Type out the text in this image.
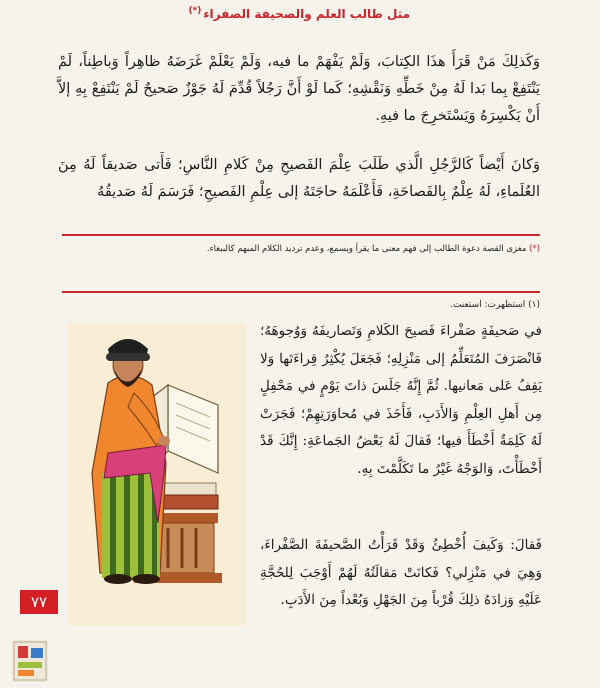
مثل طالب العلم والصحيفة الصفراء(*)
وَكَذلِكَ مَنْ قَرَأَ هذَا الكِتابَ، وَلَمْ يَفْهَمْ ما فيه، وَلَمْ يَعْلَمْ غَرَضَهُ ظاهِراً وَباطِناً، لَمْ يَنْتَفِعْ بِما بَدا لَهُ مِنْ خَطِّهِ وَنَقْشِهِ؛ كَما لَوْ أَنَّ رَجُلاً قُدِّمَ لَهُ جَوْزٌ صَحيحٌ لَمْ يَنْتَفِعْ بِهِ إلاَّ أَنْ يَكْسِرَهُ وَيَسْتَخرِجَ ما فيهِ.
وَكانَ أَيْضاً كَالرَّجُلِ الَّذي طَلَبَ عِلْمَ الفَصيحِ مِنْ كَلامِ النَّاسِ؛ فَأَتى صَديقاً لَهُ مِنَ العُلَماءِ، لَهُ عِلْمٌ بِالفَصاحَةِ، فَأَعْلَمَهُ حاجَتَهُ إلى عِلْمِ الفَصيحِ؛ فَرَسَمَ لَهُ صَديقُهُ
(*) مغزى القصة دعوة الطالب إلى فهم معنى ما يقرأ ويسمع، وعدم ترديد الكلام المبهم كالببغاء.
(١) استظهرت: استعنت.
في صَحيفَةٍ صَفْراءَ فَصيحَ الكَلامِ وَتَصاريفَهُ وَوُجوهَهُ؛ فَانْصَرَفَ المُتَعَلِّمُ إلى مَنْزِلِهِ؛ فَجَعَلَ يُكْثِرُ قِراءَتَها وَلا يَقِفُ عَلى مَعانيها. ثُمَّ إِنَّهُ جَلَسَ ذاتَ يَوْمٍ في مَحْفِلٍ مِن أَهلِ العِلْمِ وَالأَدَبِ، فَأَخَذَ في مُحاوَرَتِهِمْ؛ فَجَرَتْ لَهُ كَلِمَةٌ أَخْطَأَ فيها؛ فَقالَ لَهُ بَعْضُ الجَماعَةِ: إِنَّكَ قَدْ أَخْطَأْتَ، وَالوَجْهُ غَيْرُ ما تَكَلَّمْتَ بِهِ.
فَقالَ: وَكَيفَ أُخْطِئُ وَقَدْ قَرَأْتُ الصَّحيفَةَ الصَّفْراءَ، وَهِيَ في مَنْزِلي؟ فَكانَتْ مَقالَتُهُ لَهُمْ أَوْجَبَ لِلحُجَّةِ عَلَيْهِ وَزادَهُ ذلِكَ قُرْباً مِنَ الجَهْلِ وَبُعْداً مِنَ الأَدَبِ.
٧٧
